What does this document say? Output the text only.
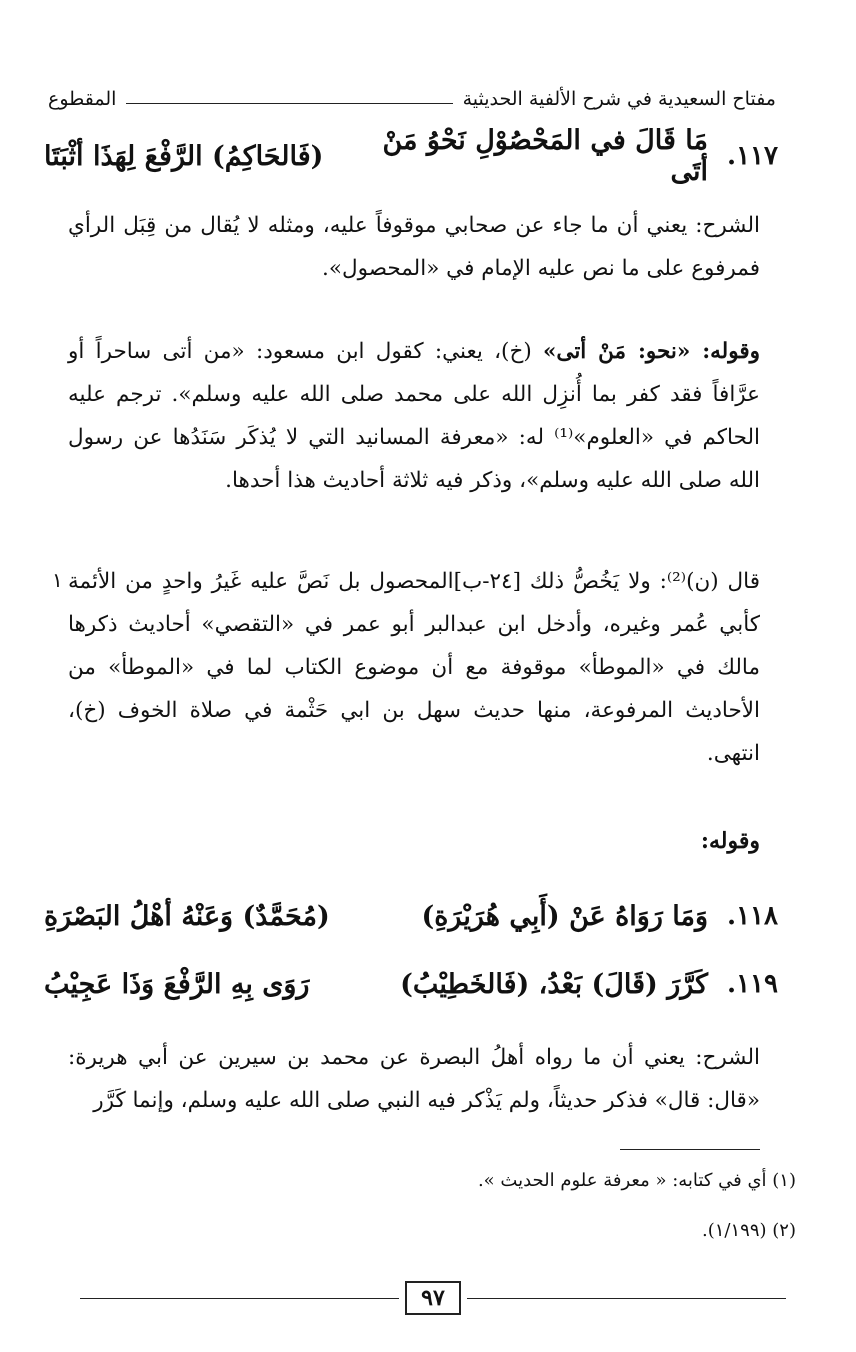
مفتاح السعيدية في شرح الألفية الحديثية
المقطوع
١١٧.
مَا قَالَ في المَحْصُوْلِ نَحْوُ مَنْ أتَى
(فَالحَاكِمُ) الرَّفْعَ لِهَذَا أثْبَتَا
الشرح: يعني أن ما جاء عن صحابي موقوفاً عليه، ومثله لا يُقال من قِبَل الرأي فمرفوع على ما نص عليه الإمام في «المحصول».
وقوله: «نحو: مَنْ أتى» (خ)، يعني: كقول ابن مسعود: «من أتى ساحراً أو عرَّافاً فقد كفر بما أُنزِل الله على محمد صلى الله عليه وسلم». ترجم عليه الحاكم في «العلوم»⁽¹⁾ له: «معرفة المسانيد التي لا يُذكَر سَنَدُها عن رسول الله صلى الله عليه وسلم»، وذكر فيه ثلاثة أحاديث هذا أحدها.
١ قال (ن)⁽²⁾: ولا يَخُصُّ ذلك [٢٤-ب]المحصول بل نَصَّ عليه غَيرُ واحدٍ من الأئمة كأبي عُمر وغيره، وأدخل ابن عبدالبر أبو عمر في «التقصي» أحاديث ذكرها مالك في «الموطأ» موقوفة مع أن موضوع الكتاب لما في «الموطأ» من الأحاديث المرفوعة، منها حديث سهل بن ابي حَثْمة في صلاة الخوف (خ)، انتهى.
وقوله:
١١٨.
وَمَا رَوَاهُ عَنْ (أَبِي هُرَيْرَةِ)
(مُحَمَّدٌ) وَعَنْهُ أهْلُ البَصْرَةِ
١١٩.
كَرَّرَ (قَالَ) بَعْدُ، (فَالخَطِيْبُ)
رَوَى بِهِ الرَّفْعَ وَذَا عَجِيْبُ
الشرح: يعني أن ما رواه أهلُ البصرة عن محمد بن سيرين عن أبي هريرة: «قال: قال» فذكر حديثاً، ولم يَذْكر فيه النبي صلى الله عليه وسلم، وإنما كَرَّر
(١) أي في كتابه: « معرفة علوم الحديث ».
(٢) (١/١٩٩).
٩٧
